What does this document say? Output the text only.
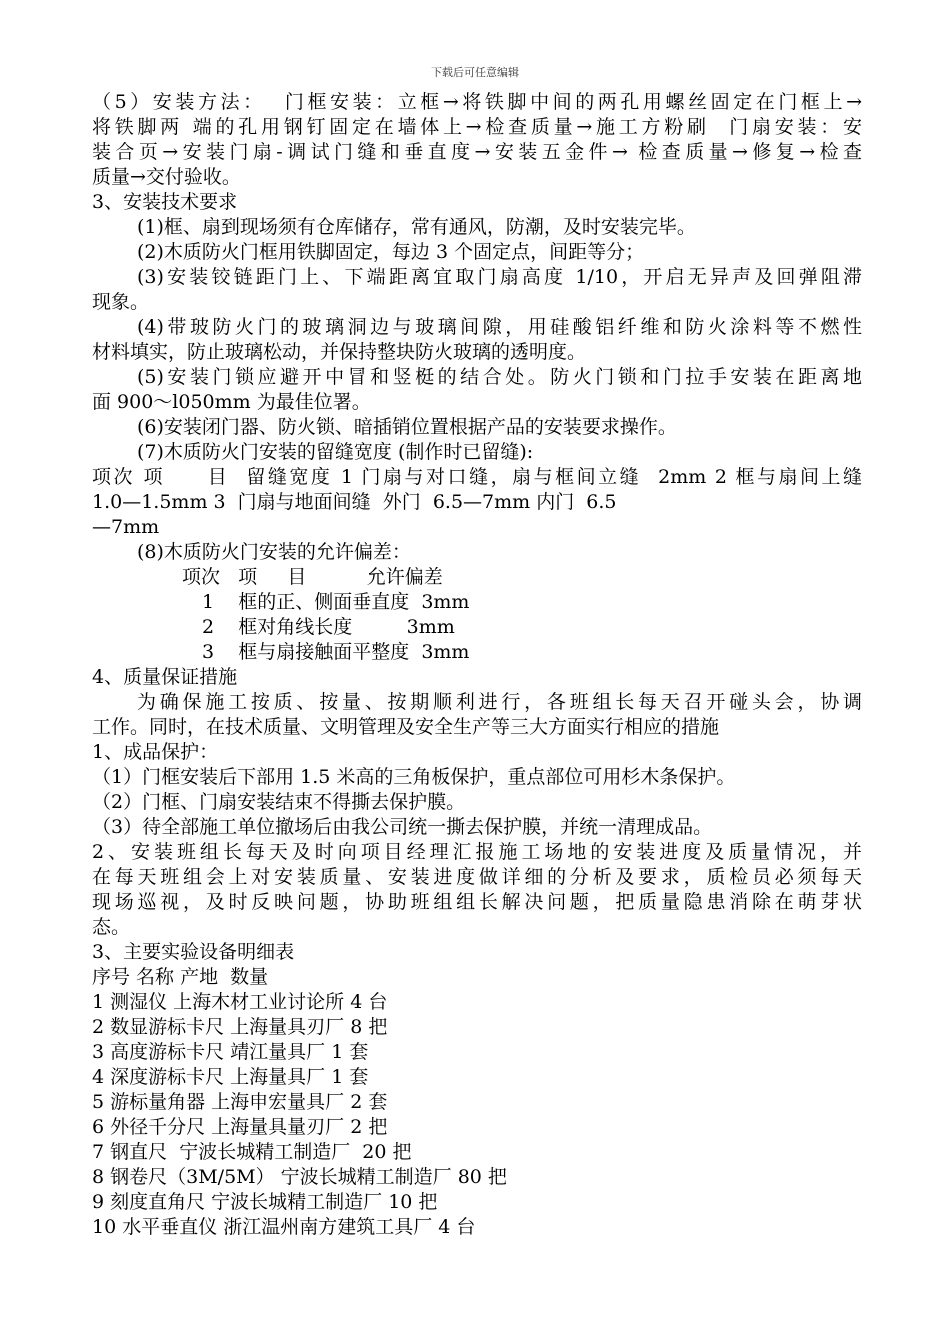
下载后可任意编辑
（5）安装方法：  门框安装：立框→将铁脚中间的两孔用螺丝固定在门框上→
将铁脚两 端的孔用钢钉固定在墙体上→检查质量→施工方粉刷  门扇安装：安
装合页→安装门扇-调试门缝和垂直度→安装五金件→ 检查质量→修复→检查
质量→交付验收。
3、安装技术要求
(1)框、扇到现场须有仓库储存，常有通风，防潮，及时安装完毕。
(2)木质防火门框用铁脚固定，每边 3 个固定点，间距等分；
(3)安装铰链距门上、下端距离宜取门扇高度 1/10，开启无异声及回弹阻滞
现象。
(4)带玻防火门的玻璃洞边与玻璃间隙，用硅酸铝纤维和防火涂料等不燃性
材料填实，防止玻璃松动，并保持整块防火玻璃的透明度。
(5)安装门锁应避开中冒和竖梃的结合处。防火门锁和门拉手安装在距离地
面 900～l050mm 为最佳位署。
(6)安装闭门器、防火锁、暗插销位置根据产品的安装要求操作。
(7)木质防火门安装的留缝宽度 (制作时已留缝):
项次 项     目  留缝宽度 1 门扇与对口缝，扇与框间立缝  2mm 2 框与扇间上缝
1.0—1.5mm 3  门扇与地面间缝  外门  6.5—7mm 内门  6.5
—7mm
(8)木质防火门安装的允许偏差：
项次   项     目          允许偏差
1    框的正、侧面垂直度  3mm
2    框对角线长度         3mm
3    框与扇接触面平整度  3mm
4、质量保证措施
为确保施工按质、按量、按期顺利进行，各班组长每天召开碰头会，协调
工作。同时，在技术质量、文明管理及安全生产等三大方面实行相应的措施
1、成品保护：
（1）门框安装后下部用 1.5 米高的三角板保护，重点部位可用杉木条保护。
（2）门框、门扇安装结束不得撕去保护膜。
（3）待全部施工单位撤场后由我公司统一撕去保护膜，并统一清理成品。
2、安装班组长每天及时向项目经理汇报施工场地的安装进度及质量情况，并
在每天班组会上对安装质量、安装进度做详细的分析及要求，质检员必须每天
现场巡视，及时反映问题，协助班组组长解决问题，把质量隐患消除在萌芽状
态。
3、主要实验设备明细表
序号 名称 产地  数量
1 测湿仪 上海木材工业讨论所 4 台
2 数显游标卡尺 上海量具刃厂 8 把
3 高度游标卡尺 靖江量具厂 1 套
4 深度游标卡尺 上海量具厂 1 套
5 游标量角器 上海申宏量具厂 2 套
6 外径千分尺 上海量具量刃厂 2 把
7 钢直尺  宁波长城精工制造厂  20 把
8 钢卷尺（3M/5M） 宁波长城精工制造厂 80 把
9 刻度直角尺 宁波长城精工制造厂 10 把
10 水平垂直仪 浙江温州南方建筑工具厂 4 台
